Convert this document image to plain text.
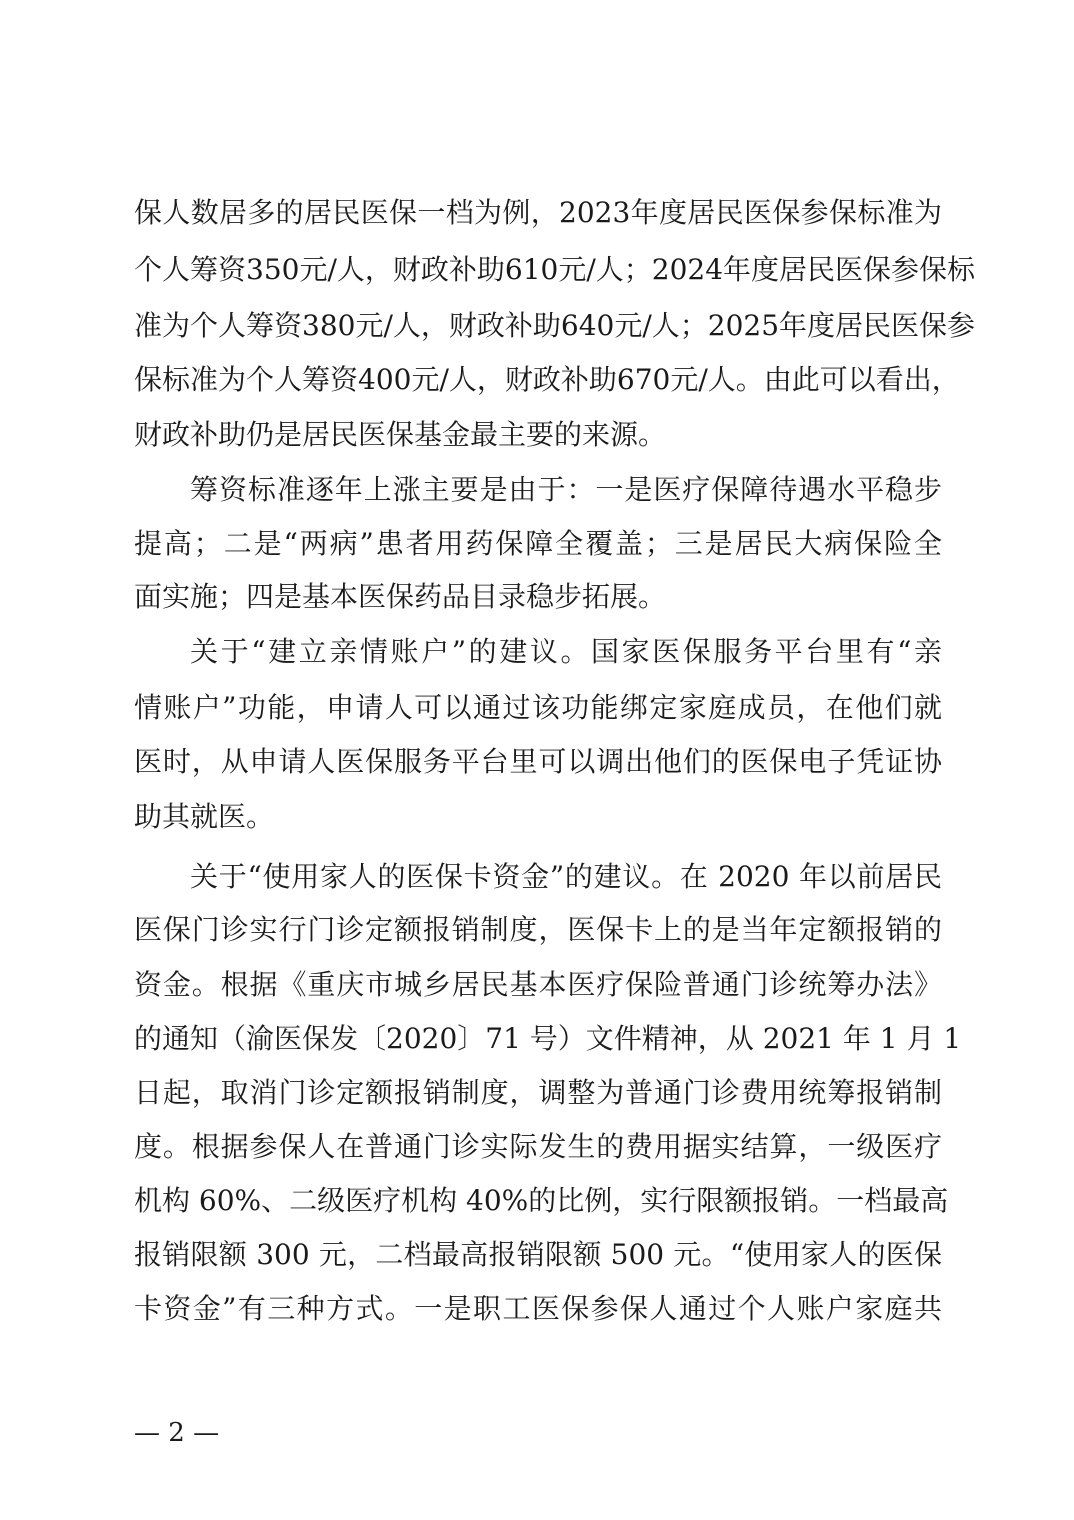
保人数居多的居民医保一档为例，2023年度居民医保参保标准为
个人筹资350元/人，财政补助610元/人；2024年度居民医保参保标
准为个人筹资380元/人，财政补助640元/人；2025年度居民医保参
保标准为个人筹资400元/人，财政补助670元/人。由此可以看出，
财政补助仍是居民医保基金最主要的来源。
筹资标准逐年上涨主要是由于：一是医疗保障待遇水平稳步
提高；二是“两病”患者用药保障全覆盖；三是居民大病保险全
面实施；四是基本医保药品目录稳步拓展。
关于“建立亲情账户”的建议。国家医保服务平台里有“亲
情账户”功能，申请人可以通过该功能绑定家庭成员，在他们就
医时，从申请人医保服务平台里可以调出他们的医保电子凭证协
助其就医。
关于“使用家人的医保卡资金”的建议。在 2020 年以前居民
医保门诊实行门诊定额报销制度，医保卡上的是当年定额报销的
资金。根据《重庆市城乡居民基本医疗保险普通门诊统筹办法》
的通知（渝医保发〔2020〕71 号）文件精神，从 2021 年 1 月 1
日起，取消门诊定额报销制度，调整为普通门诊费用统筹报销制
度。根据参保人在普通门诊实际发生的费用据实结算，一级医疗
机构 60%、二级医疗机构 40%的比例，实行限额报销。一档最高
报销限额 300 元，二档最高报销限额 500 元。“使用家人的医保
卡资金”有三种方式。一是职工医保参保人通过个人账户家庭共
— 2 —
